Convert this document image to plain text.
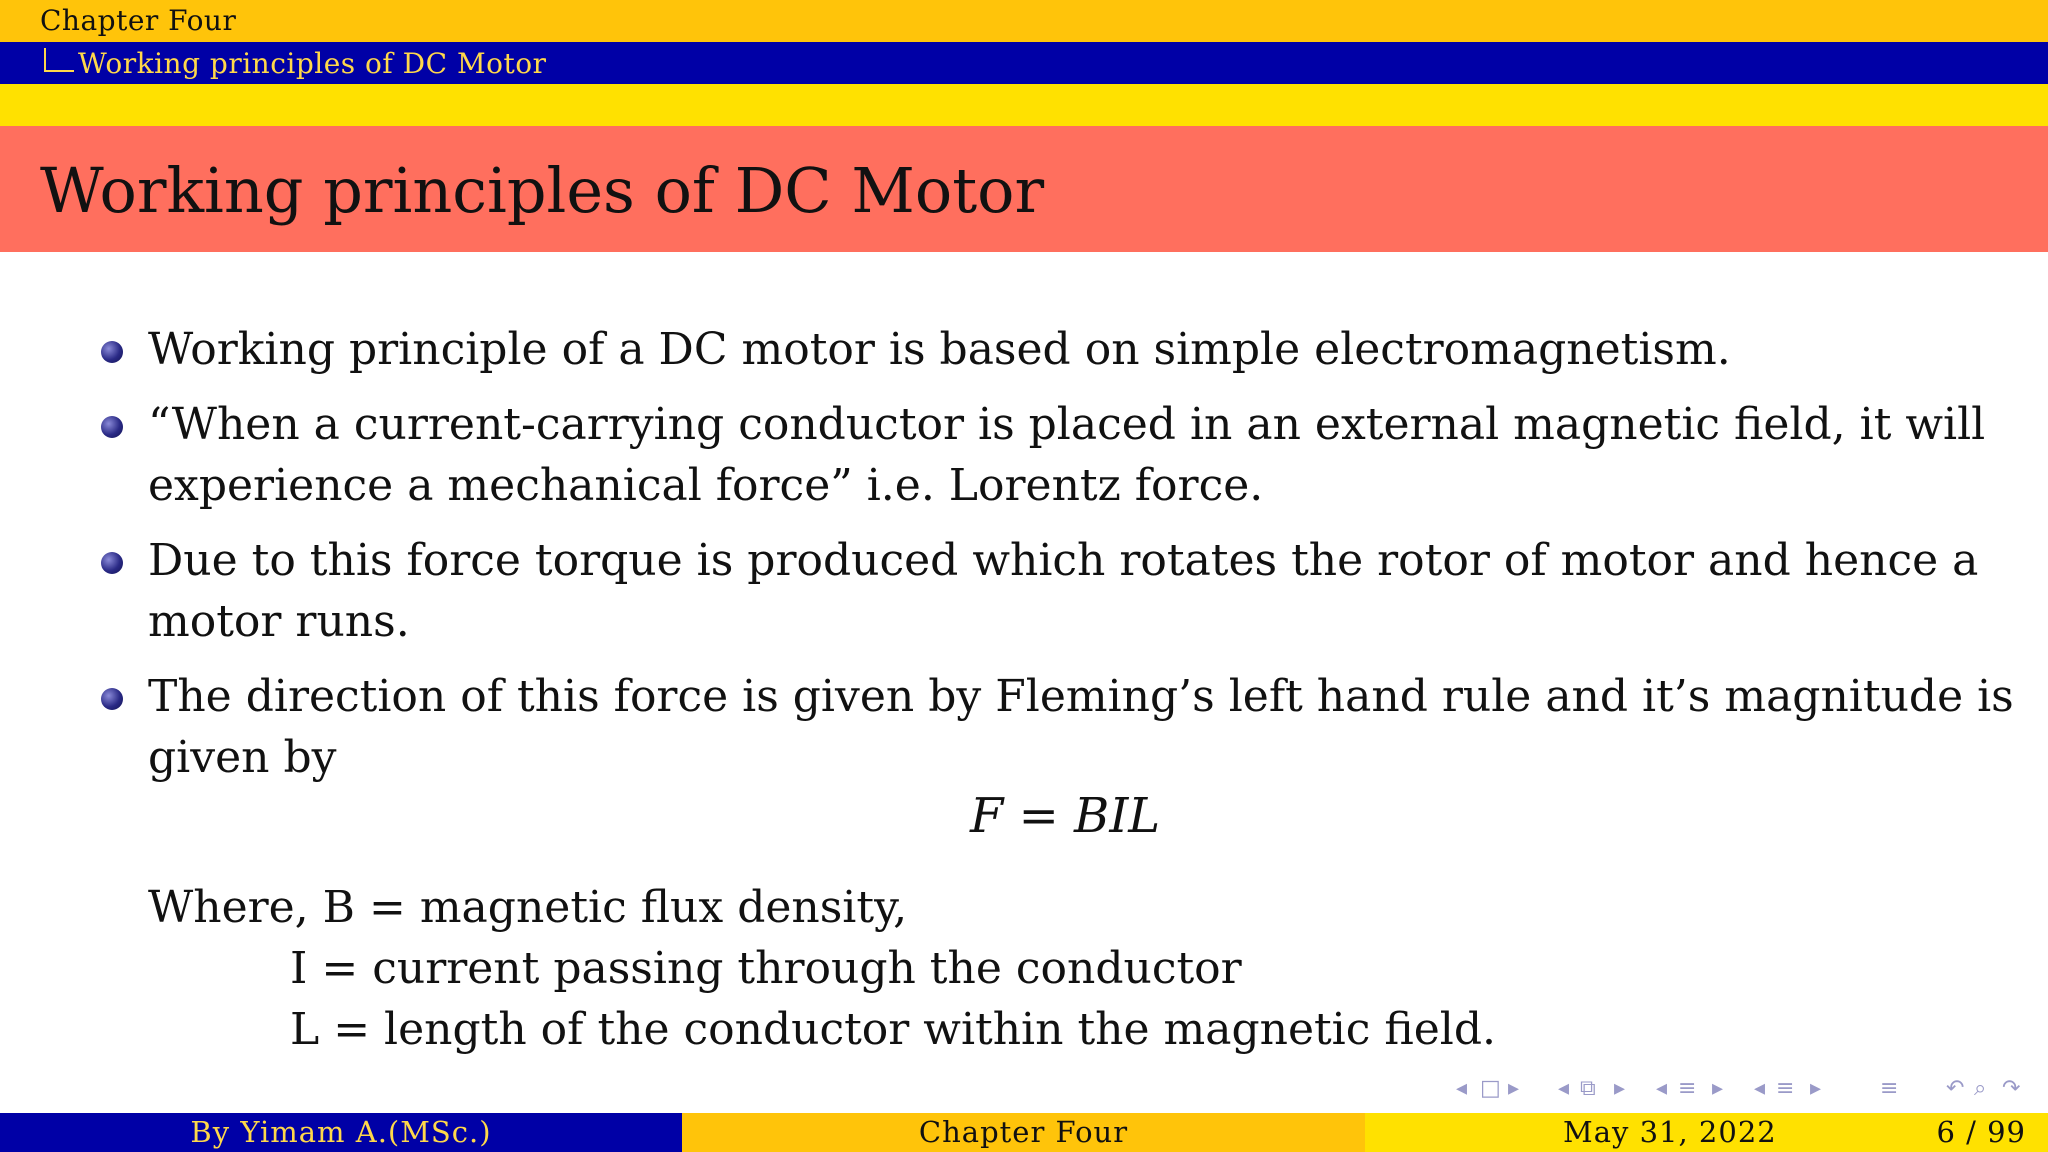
Chapter Four
Working principles of DC Motor
Working principles of DC Motor
Working principle of a DC motor is based on simple electromagnetism.
“When a current-carrying conductor is placed in an external magnetic field, it will
experience a mechanical force” i.e. Lorentz force.
Due to this force torque is produced which rotates the rotor of motor and hence a
motor runs.
The direction of this force is given by Fleming’s left hand rule and it’s magnitude is
given by
F = BIL
Where, B = magnetic flux density,
I = current passing through the conductor
L = length of the conductor within the magnetic field.
◂ □ ▸ ◂ ⧉ ▸ ◂ ≡ ▸ ◂ ≡ ▸	≡ ↶ ⌕ ↷
By Yimam A.(MSc.)	Chapter Four	May 31, 2022	6 / 99
